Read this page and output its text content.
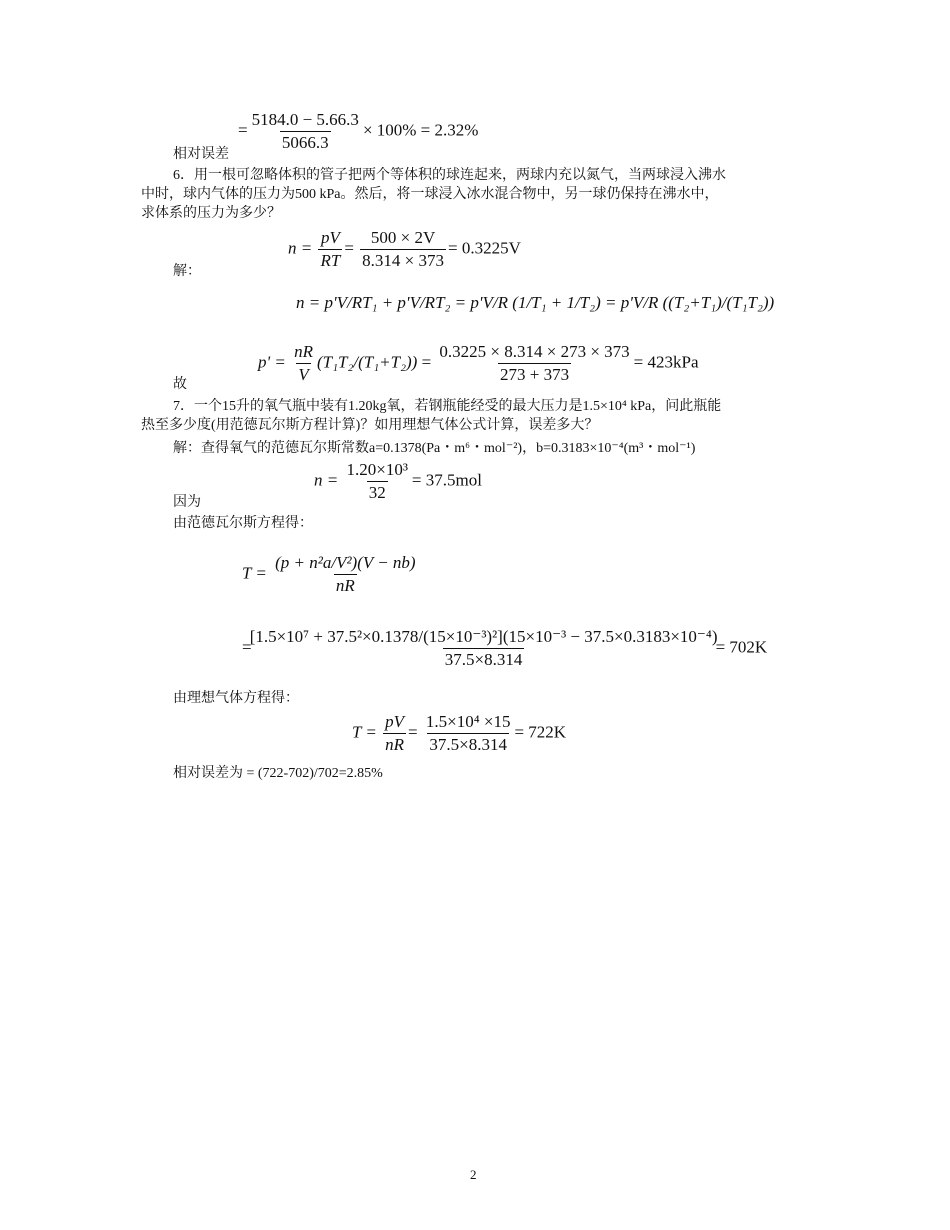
= $\frac{5184.0 - 5.66.3}{5066.3} \times 100\% = 2.32\%$
相对误差
6．用一根可忽略体积的管子把两个等体积的球连起来，两球内充以氮气，当两球浸入沸水
中时，球内气体的压力为500 kPa。然后，将一球浸入冰水混合物中，另一球仍保持在沸水中，
求体系的压力为多少？
$n = \frac{pV}{RT} = \frac{500 \times 2V}{8.314 \times 373} = 0.3225V$
解：
n = p'V/RT₁ + p'V/RT₂ = p'V/R (1/T₁ + 1/T₂) = p'V/R ((T₂+T₁)/(T₁T₂))
$p' = \frac{nR}{V} (T_1T_2/(T_1+T_2)) = \frac{0.3225 \times 8.314 \times 273 \times 373}{273 + 373} = 423kPa$
故
7．一个15升的氧气瓶中装有1.20kg氧，若钢瓶能经受的最大压力是1.5×10⁴ kPa，问此瓶能
热至多少度(用范德瓦尔斯方程计算)？如用理想气体公式计算，误差多大？
解：查得氧气的范德瓦尔斯常数a=0.1378(Pa・m⁶・mol⁻²)，b=0.3183×10⁻⁴(m³・mol⁻¹)
$n = \frac{\text{1.20×10³}}{32} = 37.5mol$
因为
由范德瓦尔斯方程得：
$T = \frac{\text{(p + n²a/V²)(V − nb)}}{nR}$
=
[1.5×10⁷ + 37.5²×0.1378/(15×10⁻³)²](15×10⁻³ − 37.5×0.3183×10⁻⁴)
37.5×8.314
= 702K
由理想气体方程得：
$T = \frac{pV}{nR} = \frac{\text{1.5×10⁴ ×15}}{37.5\times 8.314} = 722K$
相对误差为 = (722-702)/702=2.85%
2
